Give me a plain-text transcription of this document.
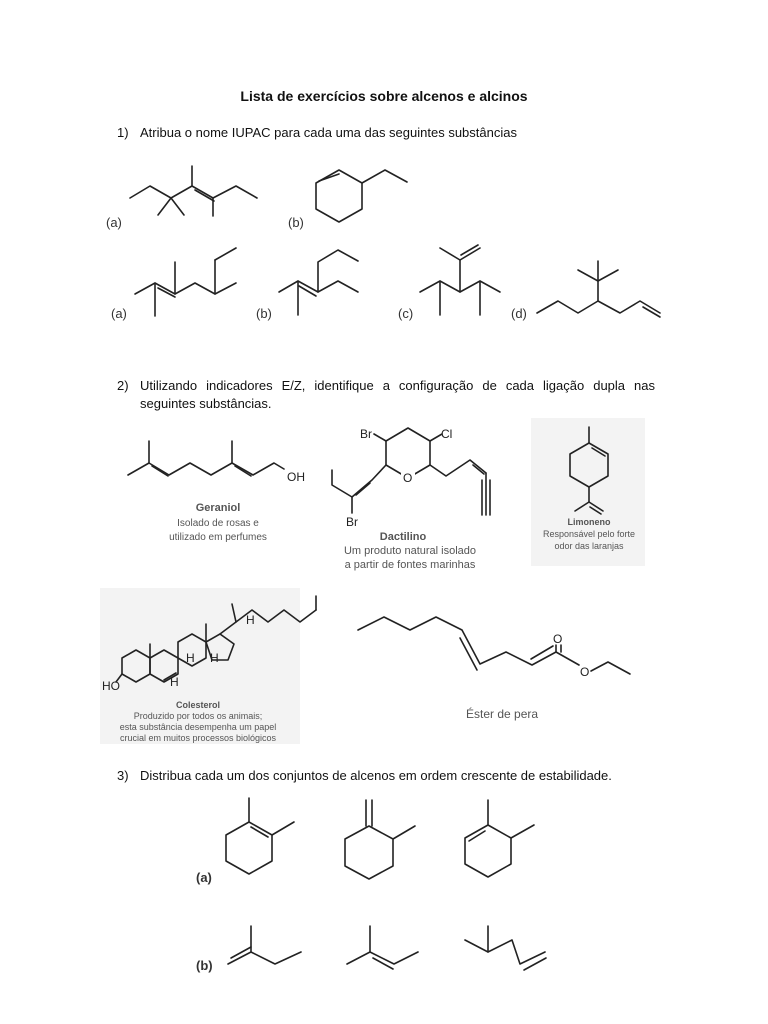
Lista de exercícios sobre alcenos e alcinos
1) Atribua o nome IUPAC para cada uma das seguintes substâncias
2) Utilizando indicadores E/Z, identifique a configuração de cada ligação dupla nas
seguintes substâncias.
3) Distribua cada um dos conjuntos de alcenos em ordem crescente de estabilidade.
(a)	(b)
(a)	(b)	(c)	(d)
OH
Geraniol
Isolado de rosas e
utilizado em perfumes
O
Br	Cl
Br
Dactilino
Um produto natural isolado
a partir de fontes marinhas
Limoneno
Responsável pelo forte
odor das laranjas
HO
H H
H
H
Colesterol
Produzido por todos os animais;
esta substância desempenha um papel
crucial em muitos processos biológicos
O
O
Éster de pera
(a)
(b)
